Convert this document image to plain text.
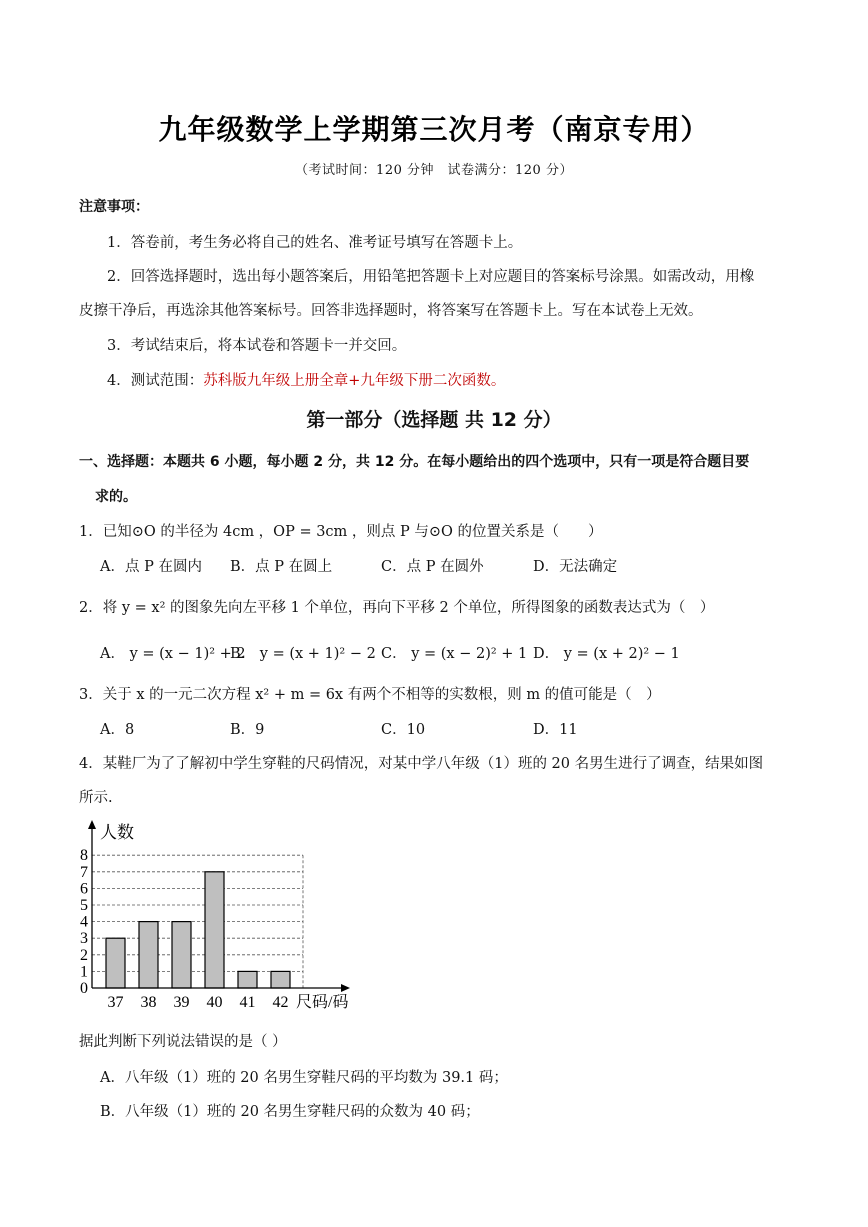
九年级数学上学期第三次月考（南京专用）
（考试时间：120 分钟　试卷满分：120 分）
注意事项：
1．答卷前，考生务必将自己的姓名、准考证号填写在答题卡上。
2．回答选择题时，选出每小题答案后，用铅笔把答题卡上对应题目的答案标号涂黑。如需改动，用橡
皮擦干净后，再选涂其他答案标号。回答非选择题时，将答案写在答题卡上。写在本试卷上无效。
3．考试结束后，将本试卷和答题卡一并交回。
4．测试范围：苏科版九年级上册全章+九年级下册二次函数。
第一部分（选择题 共 12 分）
一、选择题：本题共 6 小题，每小题 2 分，共 12 分。在每小题给出的四个选项中，只有一项是符合题目要
求的。
1．已知⊙O 的半径为 4cm ，OP = 3cm ，则点 P 与⊙O 的位置关系是（　　）
A．点 P 在圆内 B．点 P 在圆上	C．点 P 在圆外	D．无法确定
2．将 y = x² 的图象先向左平移 1 个单位，再向下平移 2 个单位，所得图象的函数表达式为（　）
A． y = (x − 1)² + 2
B． y = (x + 1)² − 2 C． y = (x − 2)² + 1 D． y = (x + 2)² − 1
3．关于 x 的一元二次方程 x² + m = 6x 有两个不相等的实数根，则 m 的值可能是（　）
A．8	B．9	C．10	D．11
4．某鞋厂为了了解初中学生穿鞋的尺码情况，对某中学八年级（1）班的 20 名男生进行了调查，结果如图
所示.
0
1
2
3
4
5
6
7
8
37 38 39 40 41 42
人数
尺码/码
据此判断下列说法错误的是（ ）
A．八年级（1）班的 20 名男生穿鞋尺码的平均数为 39.1 码；
B．八年级（1）班的 20 名男生穿鞋尺码的众数为 40 码；
